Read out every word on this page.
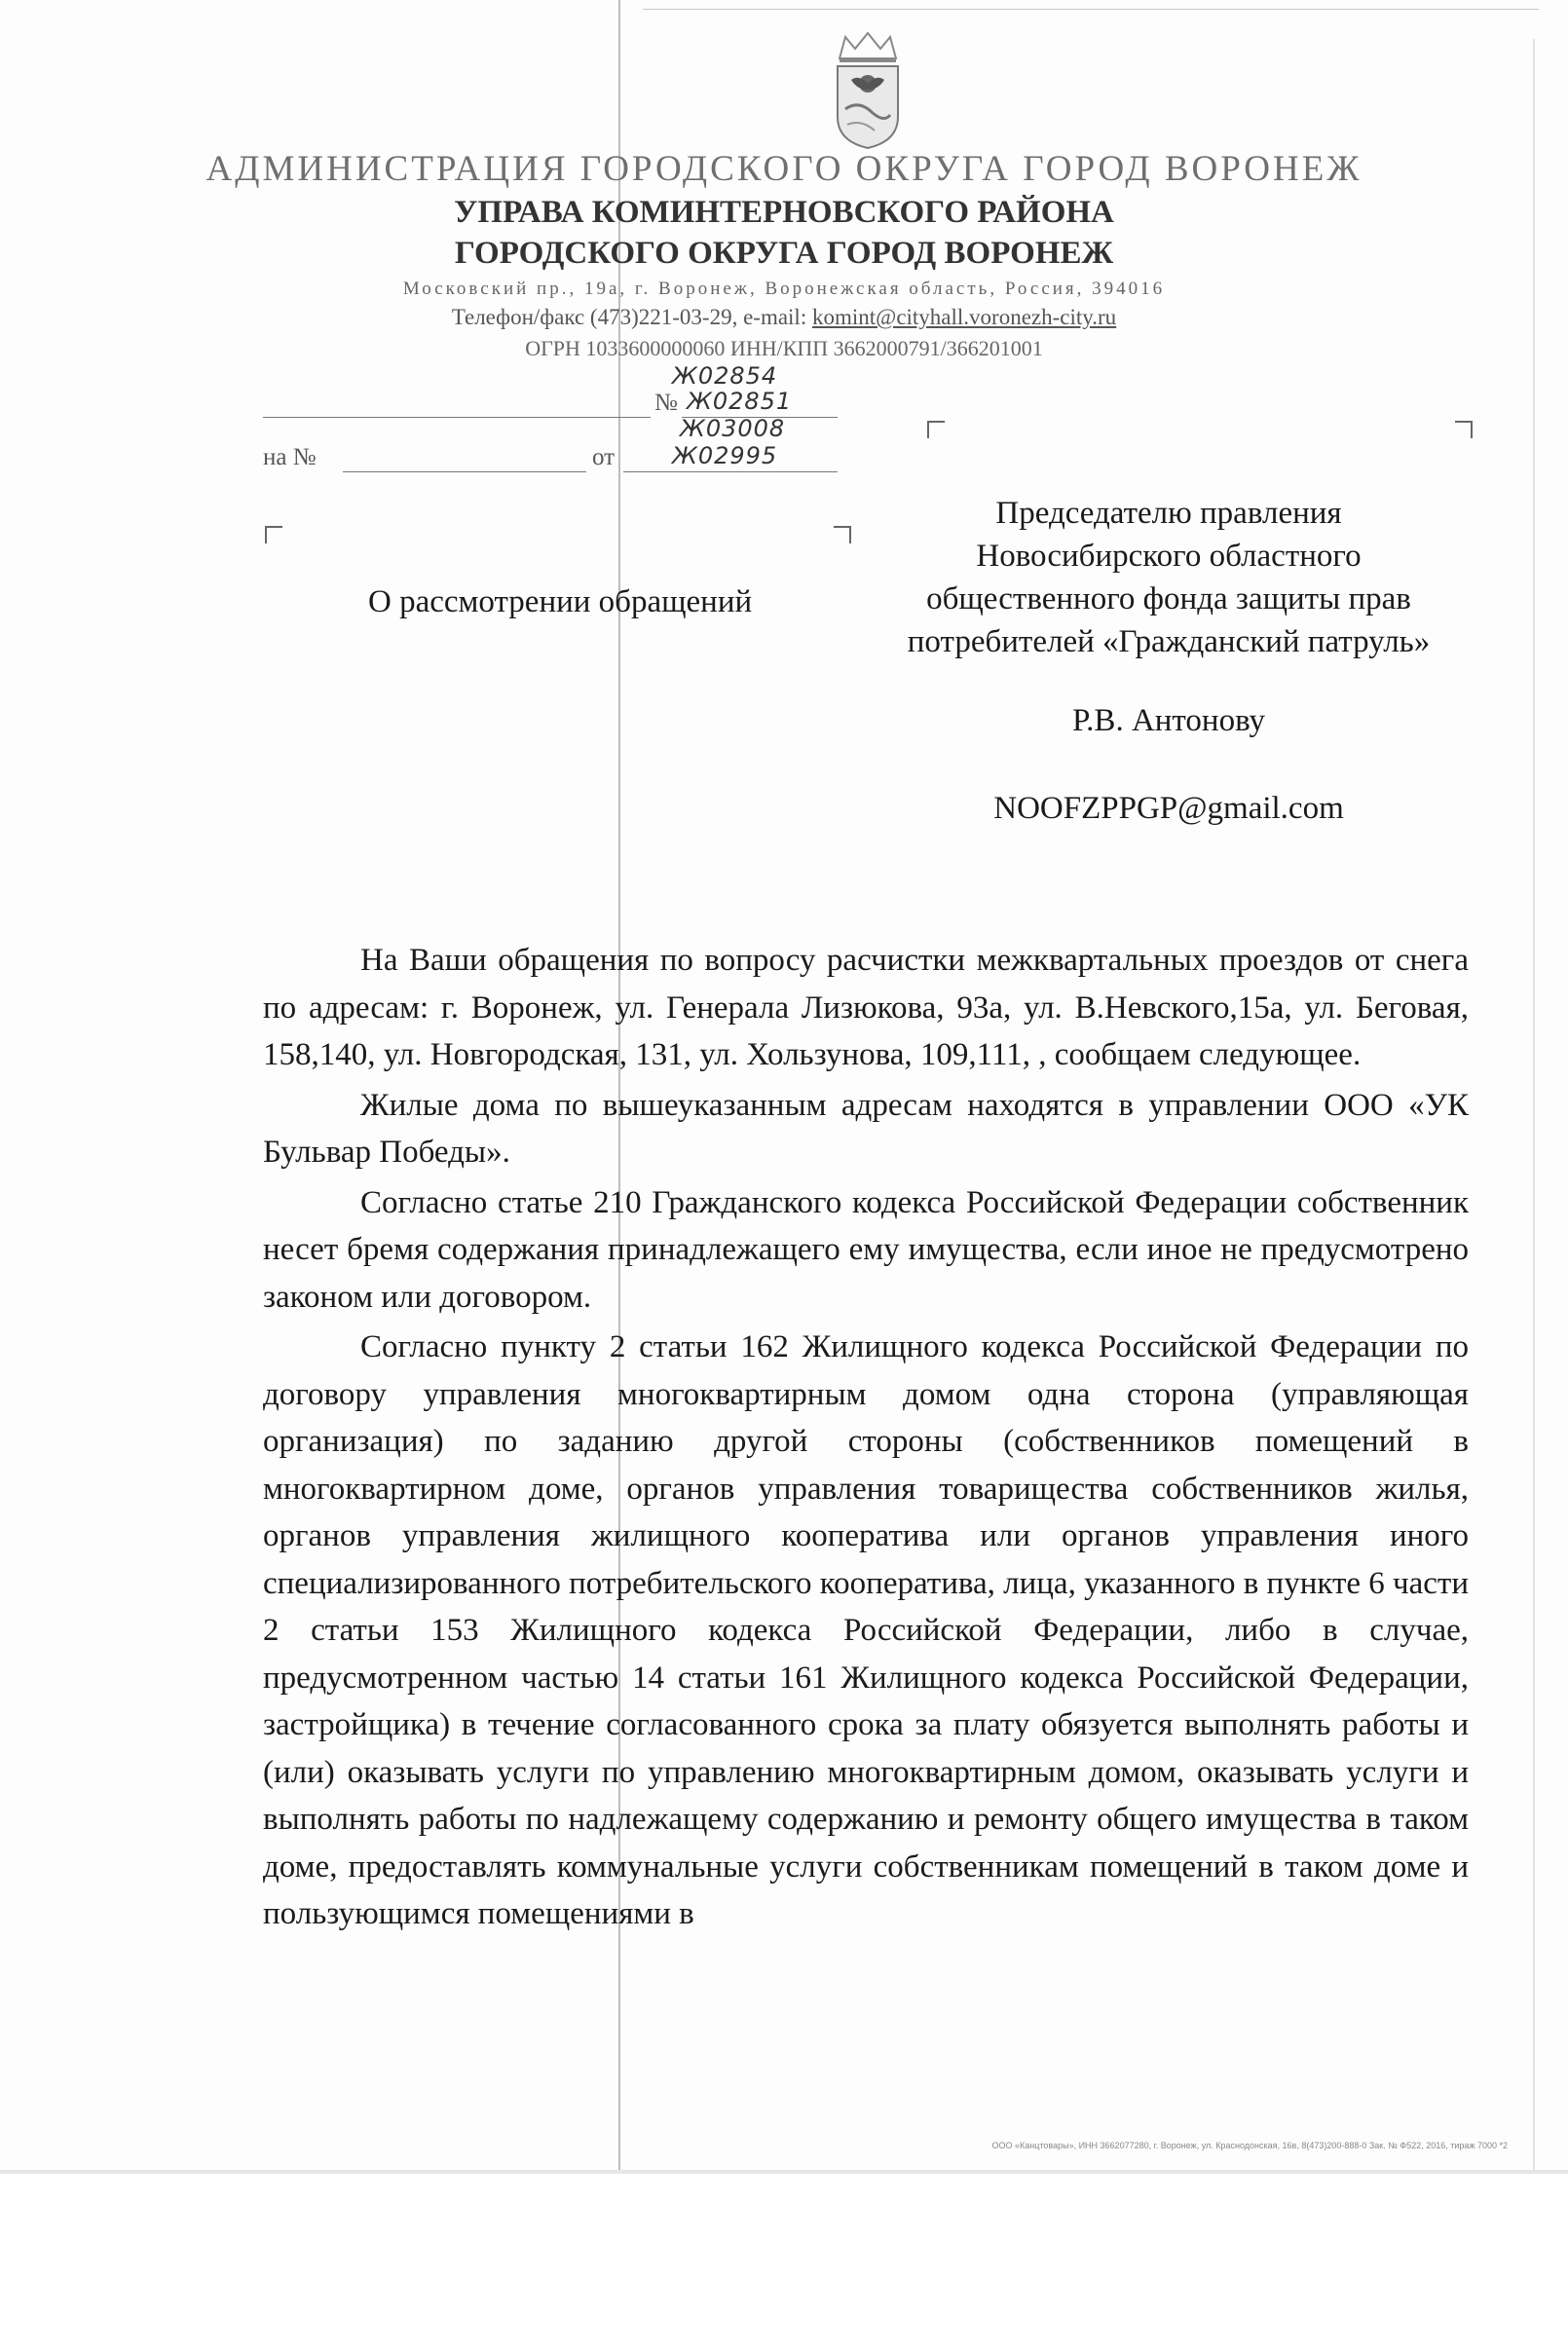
АДМИНИСТРАЦИЯ ГОРОДСКОГО ОКРУГА ГОРОД ВОРОНЕЖ
УПРАВА КОМИНТЕРНОВСКОГО РАЙОНА
ГОРОДСКОГО ОКРУГА ГОРОД ВОРОНЕЖ
Московский пр., 19а, г. Воронеж, Воронежская область, Россия, 394016
Телефон/факс (473)221-03-29, e-mail: komint@cityhall.voronezh-city.ru
ОГРН 1033600000060 ИНН/КПП 3662000791/366201001
Ж02854
№ Ж02851
Ж03008
на №	от Ж02995
О рассмотрении обращений
Председателю правления
Новосибирского областного
общественного фонда защиты прав
потребителей «Гражданский патруль»
Р.В. Антонову
NOOFZPPGP@gmail.com

На Ваши обращения по вопросу расчистки межквартальных проездов от снега по адресам: г. Воронеж, ул. Генерала Лизюкова, 93а, ул. В.Невского,15а, ул. Беговая, 158,140, ул. Новгородская, 131, ул. Хользунова, 109,111, , сообщаем следующее.

Жилые дома по вышеуказанным адресам находятся в управлении ООО «УК Бульвар Победы».

Согласно статье 210 Гражданского кодекса Российской Федерации собственник несет бремя содержания принадлежащего ему имущества, если иное не предусмотрено законом или договором.

Согласно пункту 2 статьи 162 Жилищного кодекса Российской Федерации по договору управления многоквартирным домом одна сторона (управляющая организация) по заданию другой стороны (собственников помещений в многоквартирном доме, органов управления товарищества собственников жилья, органов управления жилищного кооператива или органов управления иного специализированного потребительского кооператива, лица, указанного в пункте 6 части 2 статьи 153 Жилищного кодекса Российской Федерации, либо в случае, предусмотренном частью 14 статьи 161 Жилищного кодекса Российской Федерации, застройщика) в течение согласованного срока за плату обязуется выполнять работы и (или) оказывать услуги по управлению многоквартирным домом, оказывать услуги и выполнять работы по надлежащему содержанию и ремонту общего имущества в таком доме, предоставлять коммунальные услуги собственникам помещений в таком доме и пользующимся помещениями в

ООО «Канцтовары», ИНН 3662077280, г. Воронеж, ул. Краснодонская, 16в, 8(473)200-888-0 Зак. № Ф522, 2016, тираж 7000 *2
